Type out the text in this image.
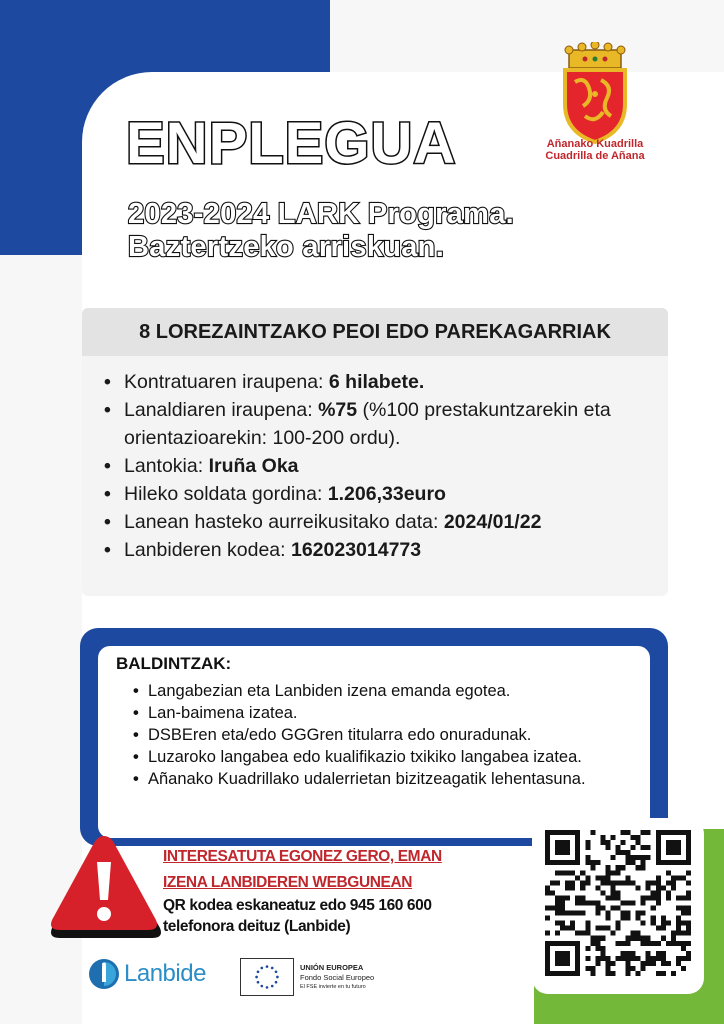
Añanako Kuadrilla
Cuadrilla de Añana
ENPLEGUA
2023-2024 LARK Programa.
Baztertzeko arriskuan.
8 LOREZAINTZAKO PEOI EDO PAREKAGARRIAK
• Kontratuaren iraupena: 6 hilabete.
• Lanaldiaren iraupena: %75 (%100 prestakuntzarekin eta orientazioarekin: 100-200 ordu).
• Lantokia: Iruña Oka
• Hileko soldata gordina: 1.206,33euro
• Lanean hasteko aurreikusitako data: 2024/01/22
• Lanbideren kodea: 162023014773
BALDINTZAK:
• Langabezian eta Lanbiden izena emanda egotea.
• Lan-baimena izatea.
• DSBEren eta/edo GGGren titularra edo onuradunak.
• Luzaroko langabea edo kualifikazio txikiko langabea izatea.
• Añanako Kuadrillako udalerrietan bizitzeagatik lehentasuna.
INTERESATUTA EGONEZ GERO, EMAN
IZENA LANBIDEREN WEBGUNEAN
QR kodea eskaneatuz edo 945 160 600
telefonora deituz (Lanbide)
Lanbide	UNIÓN EUROPEA
Fondo Social Europeo
El FSE invierte en tu futuro
